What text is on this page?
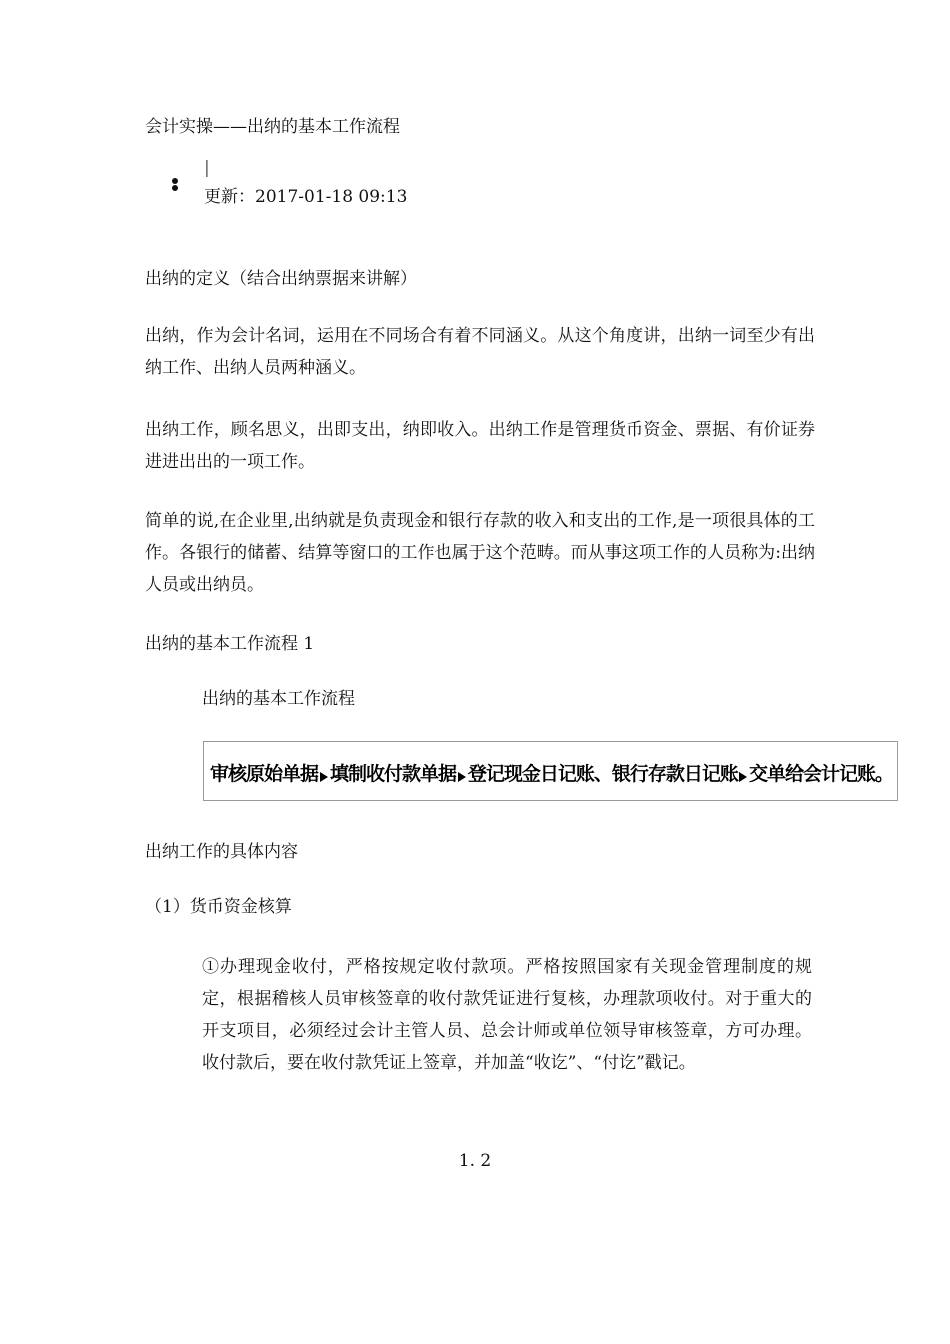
会计实操——出纳的基本工作流程
|
更新：2017-01-18 09:13
出纳的定义（结合出纳票据来讲解）
出纳，作为会计名词，运用在不同场合有着不同涵义。从这个角度讲，出纳一词至少有出纳工作、出纳人员两种涵义。
出纳工作，顾名思义，出即支出，纳即收入。出纳工作是管理货币资金、票据、有价证券进进出出的一项工作。
简单的说,在企业里,出纳就是负责现金和银行存款的收入和支出的工作,是一项很具体的工作。各银行的储蓄、结算等窗口的工作也属于这个范畴。而从事这项工作的人员称为:出纳人员或出纳员。
出纳的基本工作流程 1
出纳的基本工作流程
审核原始单据 填制收付款单据 登记现金日记账、银行存款日记账 交单给会计记账。
出纳工作的具体内容
（1）货币资金核算
①办理现金收付，严格按规定收付款项。严格按照国家有关现金管理制度的规定，根据稽核人员审核签章的收付款凭证进行复核，办理款项收付。对于重大的开支项目，必须经过会计主管人员、总会计师或单位领导审核签章，方可办理。收付款后，要在收付款凭证上签章，并加盖“收讫”、“付讫”戳记。
1. 2
